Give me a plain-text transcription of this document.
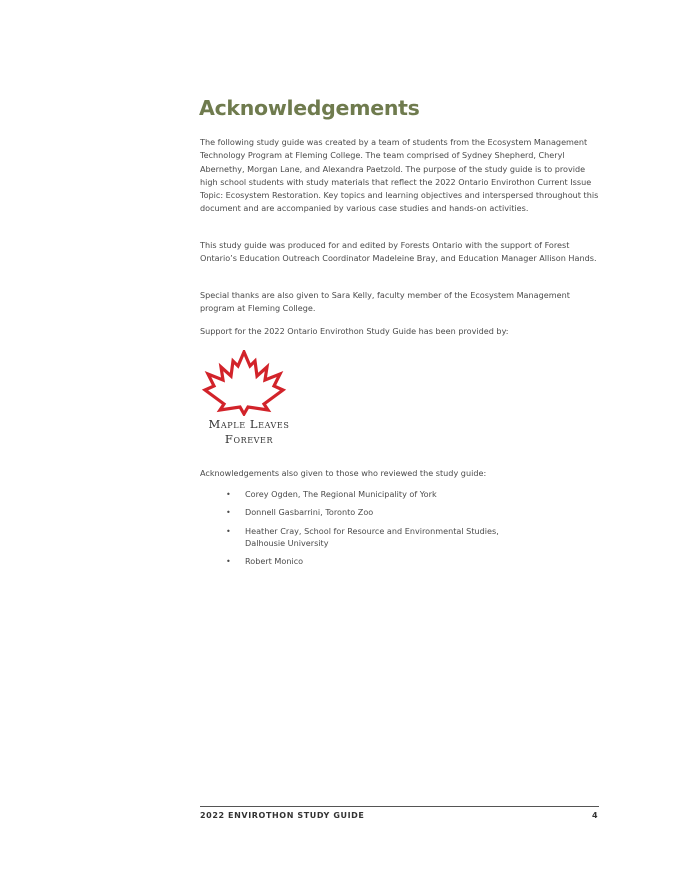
Acknowledgements

The following study guide was created by a team of students from the Ecosystem Management Technology Program at Fleming College. The team comprised of Sydney Shepherd, Cheryl Abernethy, Morgan Lane, and Alexandra Paetzold. The purpose of the study guide is to provide high school students with study materials that reflect the 2022 Ontario Envirothon Current Issue Topic: Ecosystem Restoration. Key topics and learning objectives and interspersed throughout this document and are accompanied by various case studies and hands-on activities.

This study guide was produced for and edited by Forests Ontario with the support of Forest Ontario’s Education Outreach Coordinator Madeleine Bray, and Education Manager Allison Hands.

Special thanks are also given to Sara Kelly, faculty member of the Ecosystem Management program at Fleming College.

Support for the 2022 Ontario Envirothon Study Guide has been provided by:

Maple Leaves
Forever

Acknowledgements also given to those who reviewed the study guide:

• Corey Ogden, The Regional Municipality of York
• Donnell Gasbarrini, Toronto Zoo
• Heather Cray, School for Resource and Environmental Studies, Dalhousie University
• Robert Monico
2022 ENVIROTHON STUDY GUIDE	4
